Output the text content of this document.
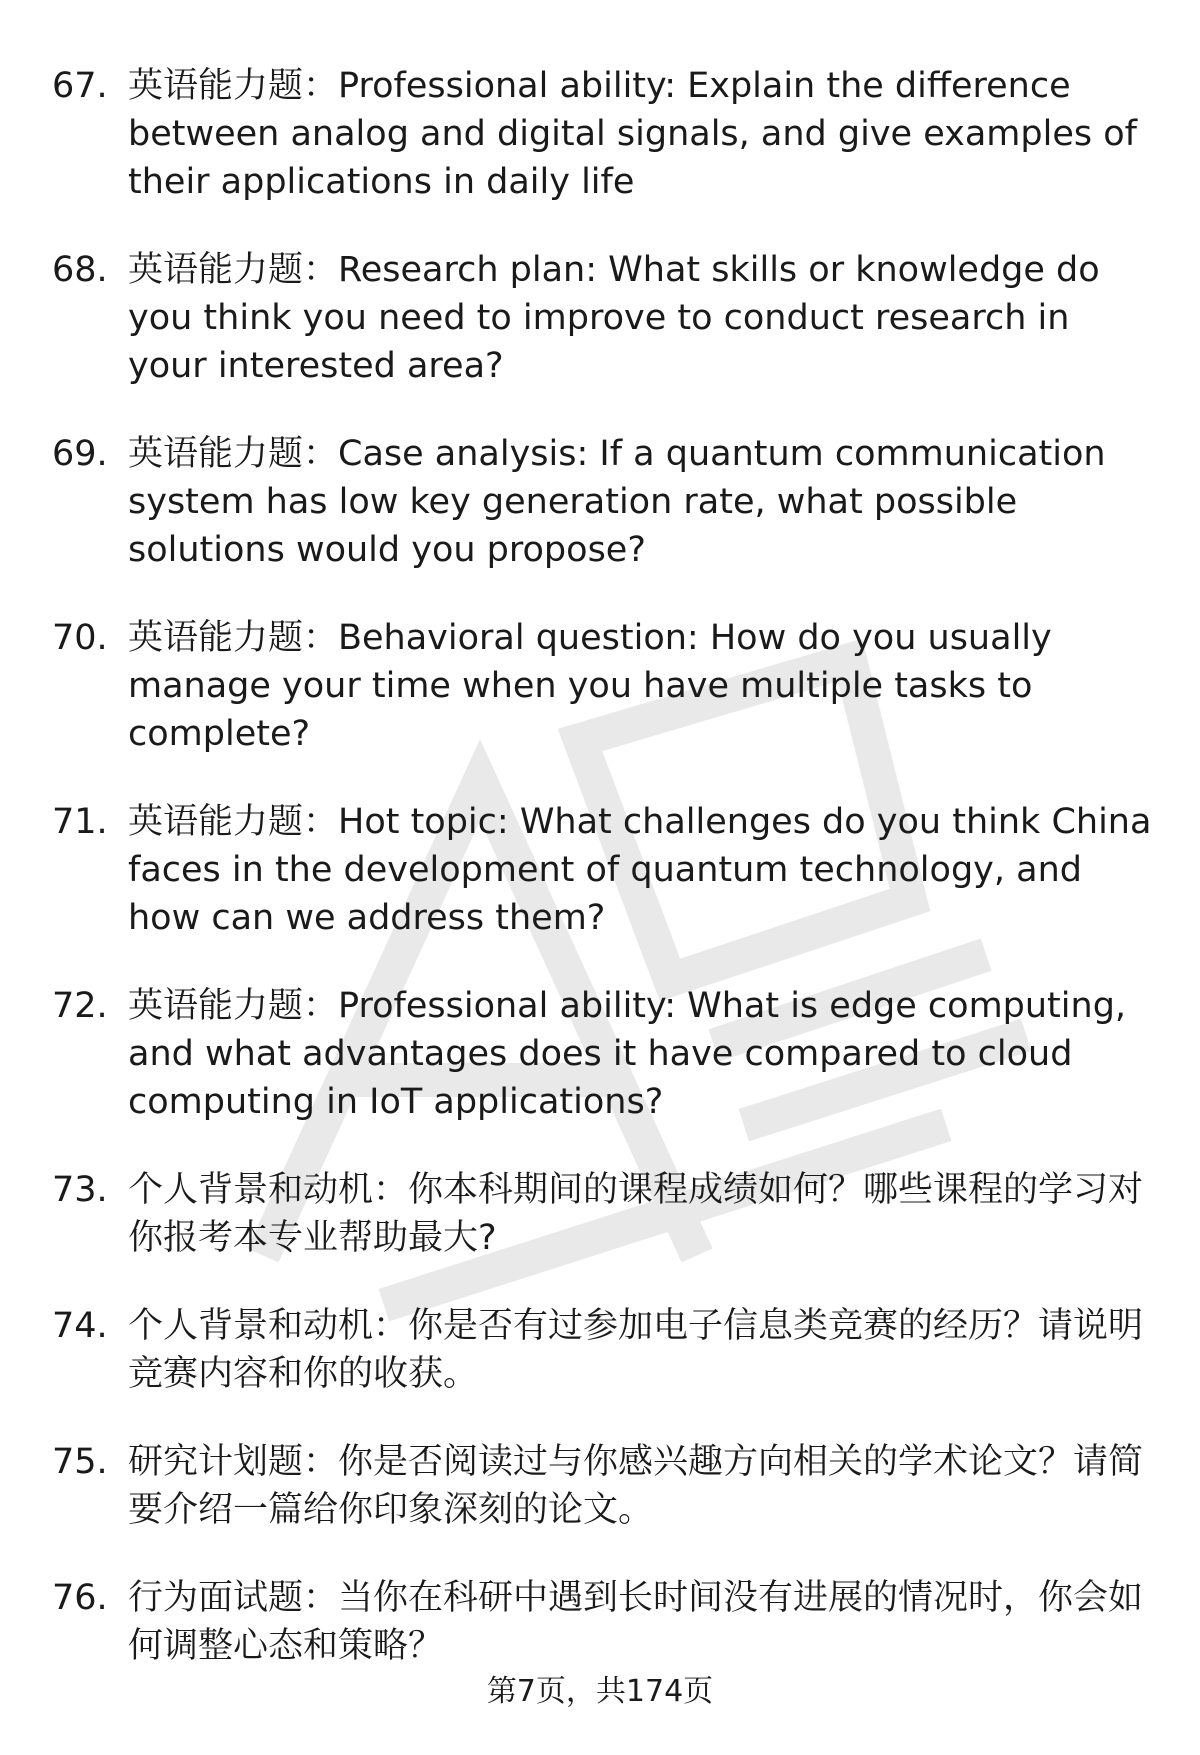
67. 英语能力题：Professional ability: Explain the difference between analog and digital signals, and give examples of their applications in daily life
68. 英语能力题：Research plan: What skills or knowledge do you think you need to improve to conduct research in your interested area?
69. 英语能力题：Case analysis: If a quantum communication system has low key generation rate, what possible solutions would you propose?
70. 英语能力题：Behavioral question: How do you usually manage your time when you have multiple tasks to complete?
71. 英语能力题：Hot topic: What challenges do you think China faces in the development of quantum technology, and how can we address them?
72. 英语能力题：Professional ability: What is edge computing, and what advantages does it have compared to cloud computing in IoT applications?
73. 个人背景和动机：你本科期间的课程成绩如何？哪些课程的学习对你报考本专业帮助最大?
74. 个人背景和动机：你是否有过参加电子信息类竞赛的经历？请说明竞赛内容和你的收获。
75. 研究计划题：你是否阅读过与你感兴趣方向相关的学术论文？请简要介绍一篇给你印象深刻的论文。
76. 行为面试题：当你在科研中遇到长时间没有进展的情况时，你会如何调整心态和策略？
第7页，共174页
